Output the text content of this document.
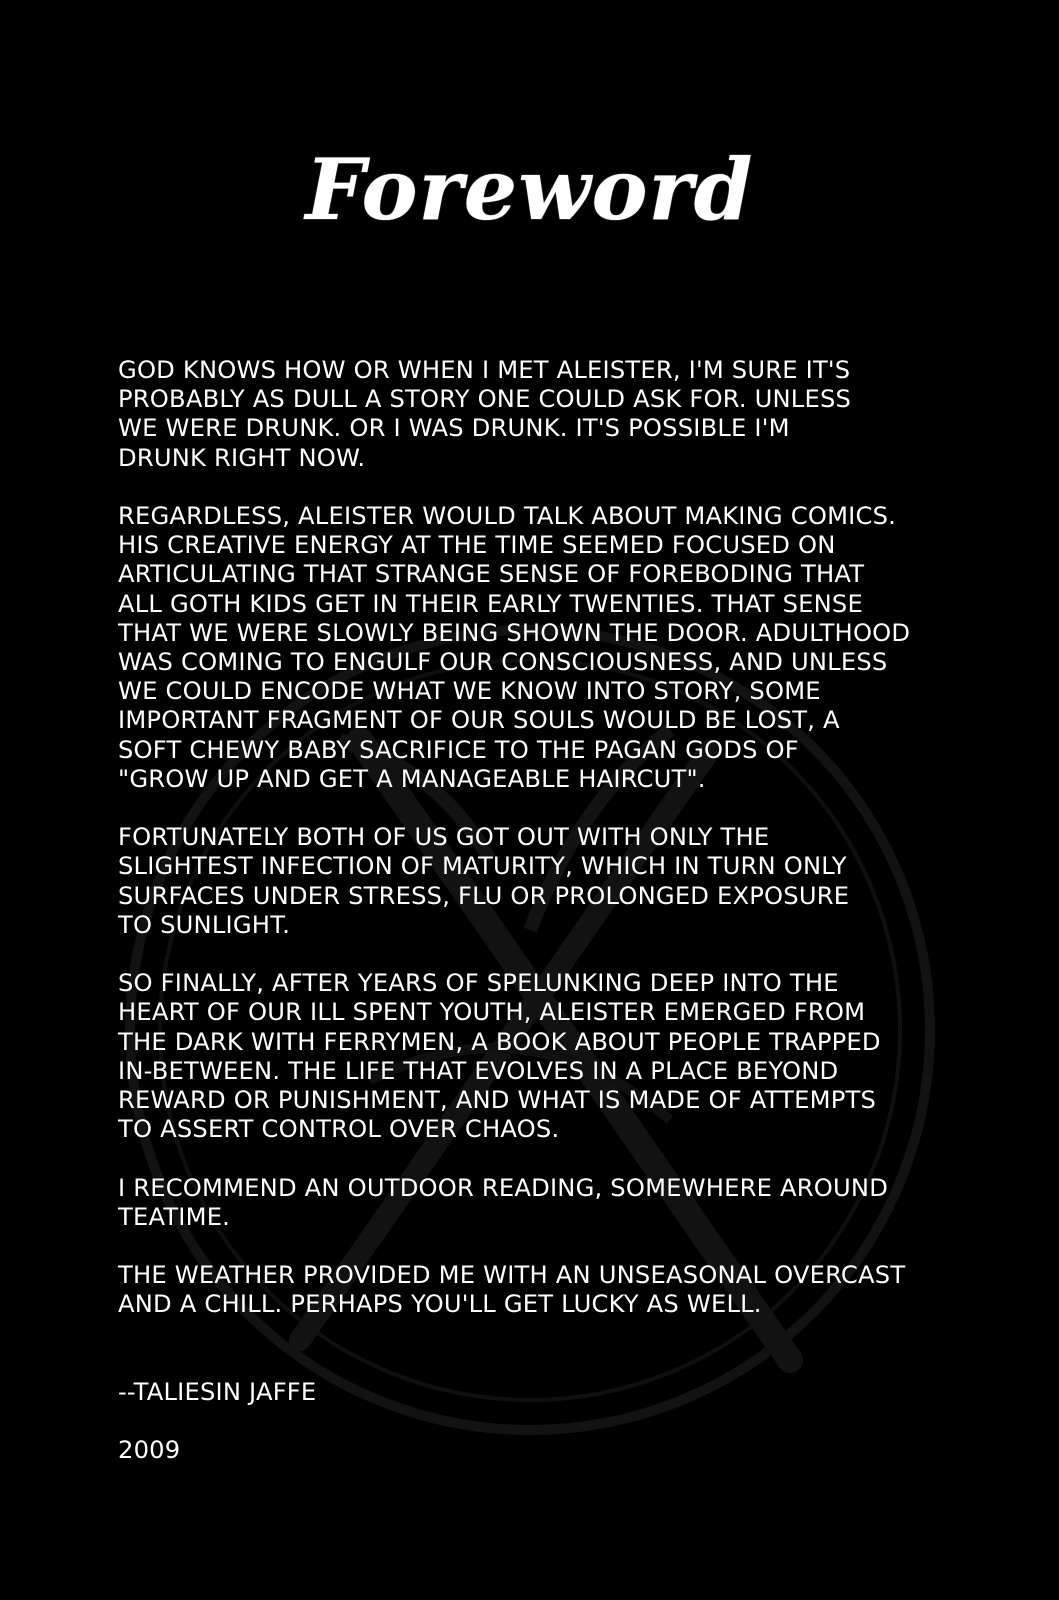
Foreword

GOD KNOWS HOW OR WHEN I MET ALEISTER, I'M SURE IT'S
PROBABLY AS DULL A STORY ONE COULD ASK FOR. UNLESS
WE WERE DRUNK. OR I WAS DRUNK. IT'S POSSIBLE I'M
DRUNK RIGHT NOW.

REGARDLESS, ALEISTER WOULD TALK ABOUT MAKING COMICS.
HIS CREATIVE ENERGY AT THE TIME SEEMED FOCUSED ON
ARTICULATING THAT STRANGE SENSE OF FOREBODING THAT
ALL GOTH KIDS GET IN THEIR EARLY TWENTIES. THAT SENSE
THAT WE WERE SLOWLY BEING SHOWN THE DOOR. ADULTHOOD
WAS COMING TO ENGULF OUR CONSCIOUSNESS, AND UNLESS
WE COULD ENCODE WHAT WE KNOW INTO STORY, SOME
IMPORTANT FRAGMENT OF OUR SOULS WOULD BE LOST, A
SOFT CHEWY BABY SACRIFICE TO THE PAGAN GODS OF
"GROW UP AND GET A MANAGEABLE HAIRCUT".

FORTUNATELY BOTH OF US GOT OUT WITH ONLY THE
SLIGHTEST INFECTION OF MATURITY, WHICH IN TURN ONLY
SURFACES UNDER STRESS, FLU OR PROLONGED EXPOSURE
TO SUNLIGHT.

SO FINALLY, AFTER YEARS OF SPELUNKING DEEP INTO THE
HEART OF OUR ILL SPENT YOUTH, ALEISTER EMERGED FROM
THE DARK WITH FERRYMEN, A BOOK ABOUT PEOPLE TRAPPED
IN-BETWEEN. THE LIFE THAT EVOLVES IN A PLACE BEYOND
REWARD OR PUNISHMENT, AND WHAT IS MADE OF ATTEMPTS
TO ASSERT CONTROL OVER CHAOS.

I RECOMMEND AN OUTDOOR READING, SOMEWHERE AROUND
TEATIME.

THE WEATHER PROVIDED ME WITH AN UNSEASONAL OVERCAST
AND A CHILL. PERHAPS YOU'LL GET LUCKY AS WELL.

--TALIESIN JAFFE

2009
